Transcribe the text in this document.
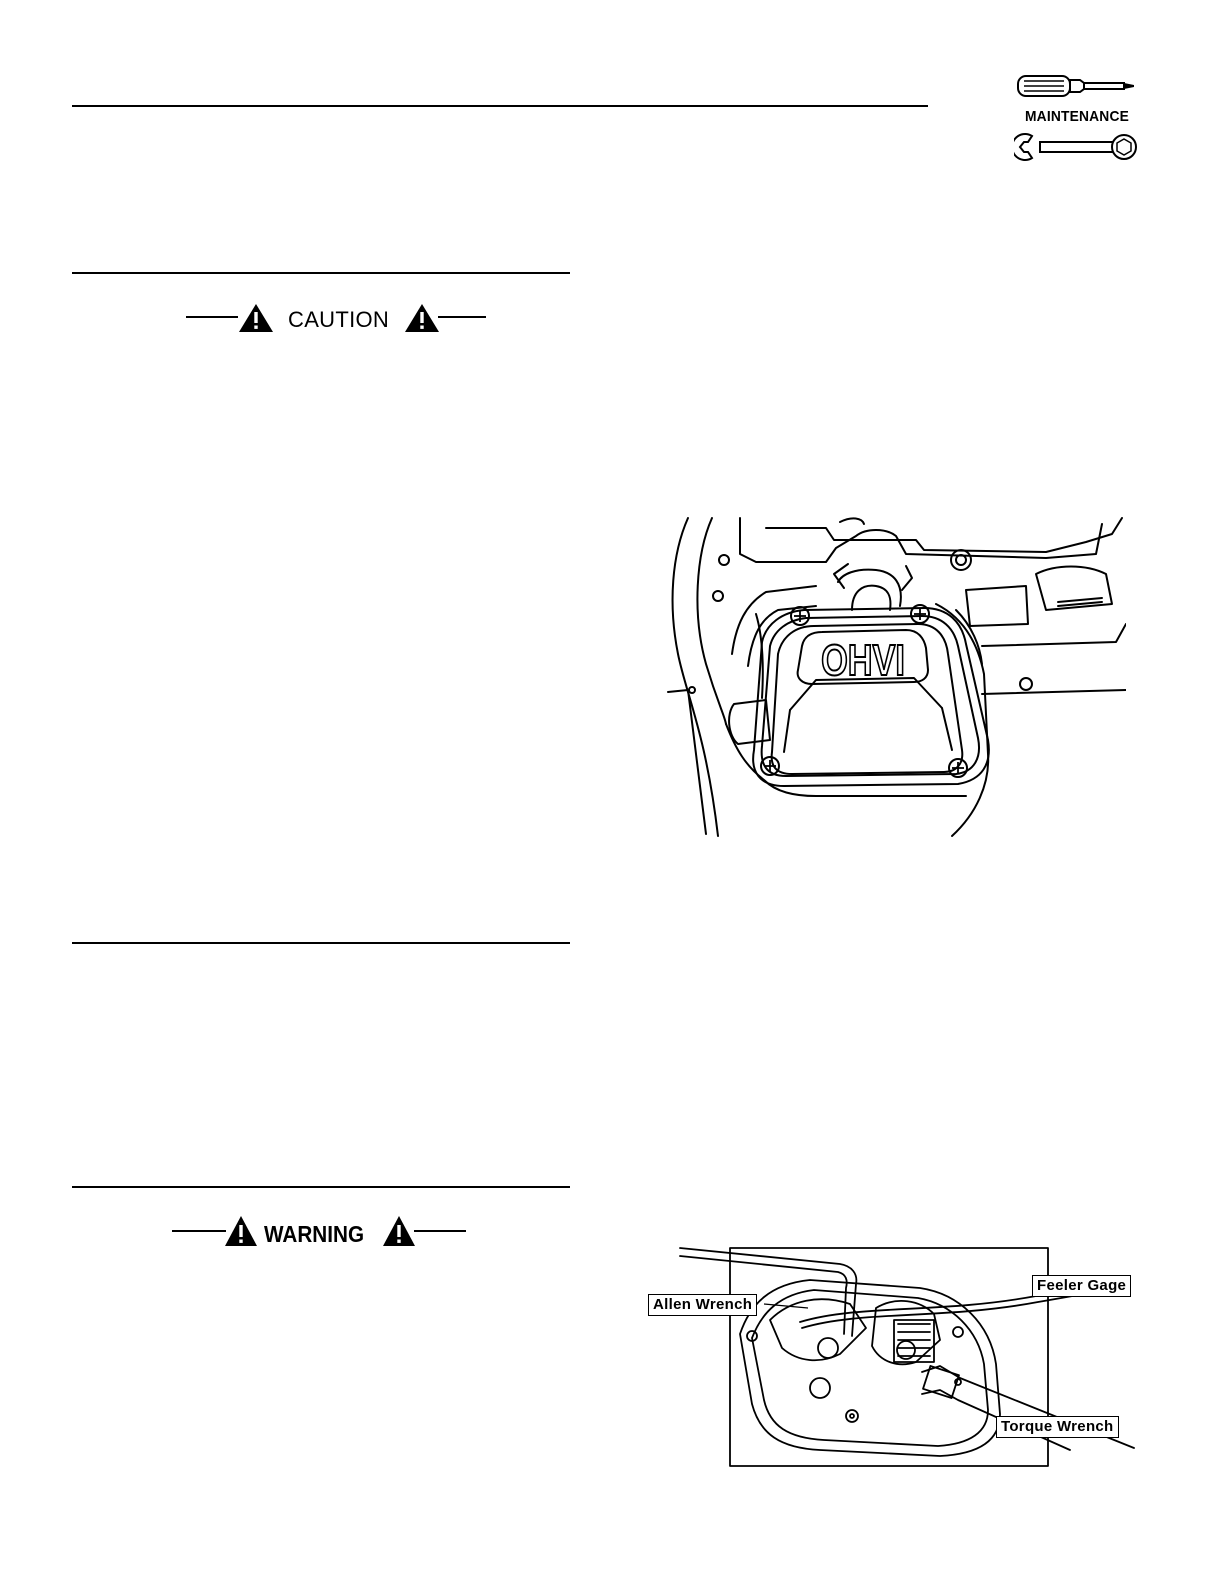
MAINTENANCE
CAUTION
OHVI
WARNING
Allen Wrench
Feeler Gage
Torque Wrench
